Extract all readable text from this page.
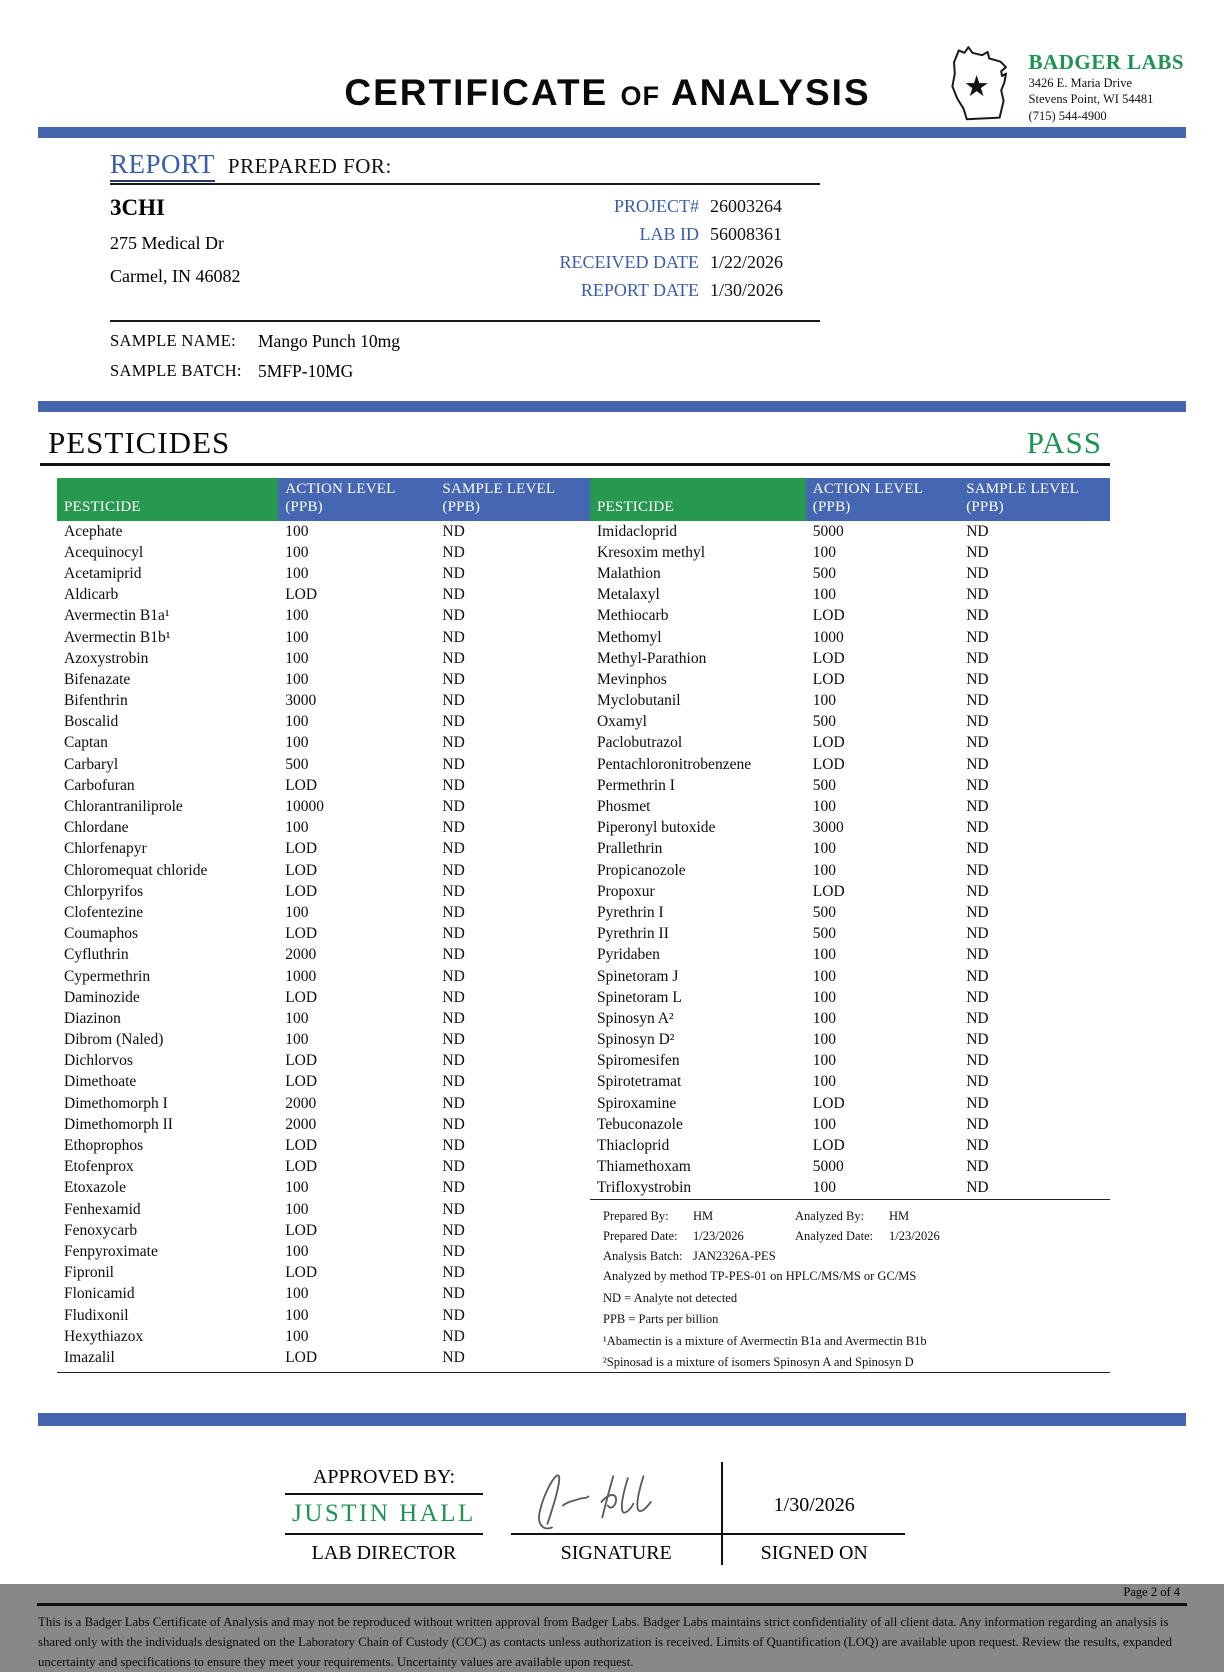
CERTIFICATE OF ANALYSIS	★
BADGER LABS
3426 E. Maria Drive
Stevens Point, WI 54481
(715) 544-4900
REPORT PREPARED FOR:
3CHI
275 Medical Dr
Carmel, IN 46082
PROJECT# 26003264
LAB ID 56008361
RECEIVED DATE 1/22/2026
REPORT DATE 1/30/2026
SAMPLE NAME:	Mango Punch 10mg
SAMPLE BATCH: 5MFP-10MG
PESTICIDES	PASS
PESTICIDE
ACTION LEVEL
(PPB)
SAMPLE LEVEL
(PPB)
Acephate	100	ND
Acequinocyl	100	ND
Acetamiprid	100	ND
Aldicarb	LOD	ND
Avermectin B1a¹	100	ND
Avermectin B1b¹	100	ND
Azoxystrobin	100	ND
Bifenazate	100	ND
Bifenthrin	3000	ND
Boscalid	100	ND
Captan	100	ND
Carbaryl	500	ND
Carbofuran	LOD	ND
Chlorantraniliprole	10000	ND
Chlordane	100	ND
Chlorfenapyr	LOD	ND
Chloromequat chloride	LOD	ND
Chlorpyrifos	LOD	ND
Clofentezine	100	ND
Coumaphos	LOD	ND
Cyfluthrin	2000	ND
Cypermethrin	1000	ND
Daminozide	LOD	ND
Diazinon	100	ND
Dibrom (Naled)	100	ND
Dichlorvos	LOD	ND
Dimethoate	LOD	ND
Dimethomorph I	2000	ND
Dimethomorph II	2000	ND
Ethoprophos	LOD	ND
Etofenprox	LOD	ND
Etoxazole	100	ND
Fenhexamid	100	ND
Fenoxycarb	LOD	ND
Fenpyroximate	100	ND
Fipronil	LOD	ND
Flonicamid	100	ND
Fludixonil	100	ND
Hexythiazox	100	ND
Imazalil	LOD	ND
PESTICIDE
ACTION LEVEL
(PPB)
SAMPLE LEVEL
(PPB)
Imidacloprid	5000	ND
Kresoxim methyl	100	ND
Malathion	500	ND
Metalaxyl	100	ND
Methiocarb	LOD	ND
Methomyl	1000	ND
Methyl-Parathion	LOD	ND
Mevinphos	LOD	ND
Myclobutanil	100	ND
Oxamyl	500	ND
Paclobutrazol	LOD	ND
Pentachloronitrobenzene	LOD	ND
Permethrin I	500	ND
Phosmet	100	ND
Piperonyl butoxide	3000	ND
Prallethrin	100	ND
Propicanozole	100	ND
Propoxur	LOD	ND
Pyrethrin I	500	ND
Pyrethrin II	500	ND
Pyridaben	100	ND
Spinetoram J	100	ND
Spinetoram L	100	ND
Spinosyn A²	100	ND
Spinosyn D²	100	ND
Spiromesifen	100	ND
Spirotetramat	100	ND
Spiroxamine	LOD	ND
Tebuconazole	100	ND
Thiacloprid	LOD	ND
Thiamethoxam	5000	ND
Trifloxystrobin	100	ND
Prepared By:	HM	Analyzed By:	HM
Prepared Date:	1/23/2026	Analyzed Date:	1/23/2026
Analysis Batch: JAN2326A-PES
Analyzed by method TP-PES-01 on HPLC/MS/MS or GC/MS
ND = Analyte not detected
PPB = Parts per billion
¹Abamectin is a mixture of Avermectin B1a and Avermectin B1b
²Spinosad is a mixture of isomers Spinosyn A and Spinosyn D
APPROVED BY:
JUSTIN HALL
LAB DIRECTOR	SIGNATURE
1/30/2026
SIGNED ON
Page 2 of 4

This is a Badger Labs Certificate of Analysis and may not be reproduced without written approval from Badger Labs. Badger Labs maintains strict confidentiality of all client data. Any information regarding an analysis is shared only with the individuals designated on the Laboratory Chain of Custody (COC) as contacts unless authorization is received. Limits of Quantification (LOQ) are available upon request. Review the results, expanded uncertainty and specifications to ensure they meet your requirements. Uncertainty values are available upon request.
